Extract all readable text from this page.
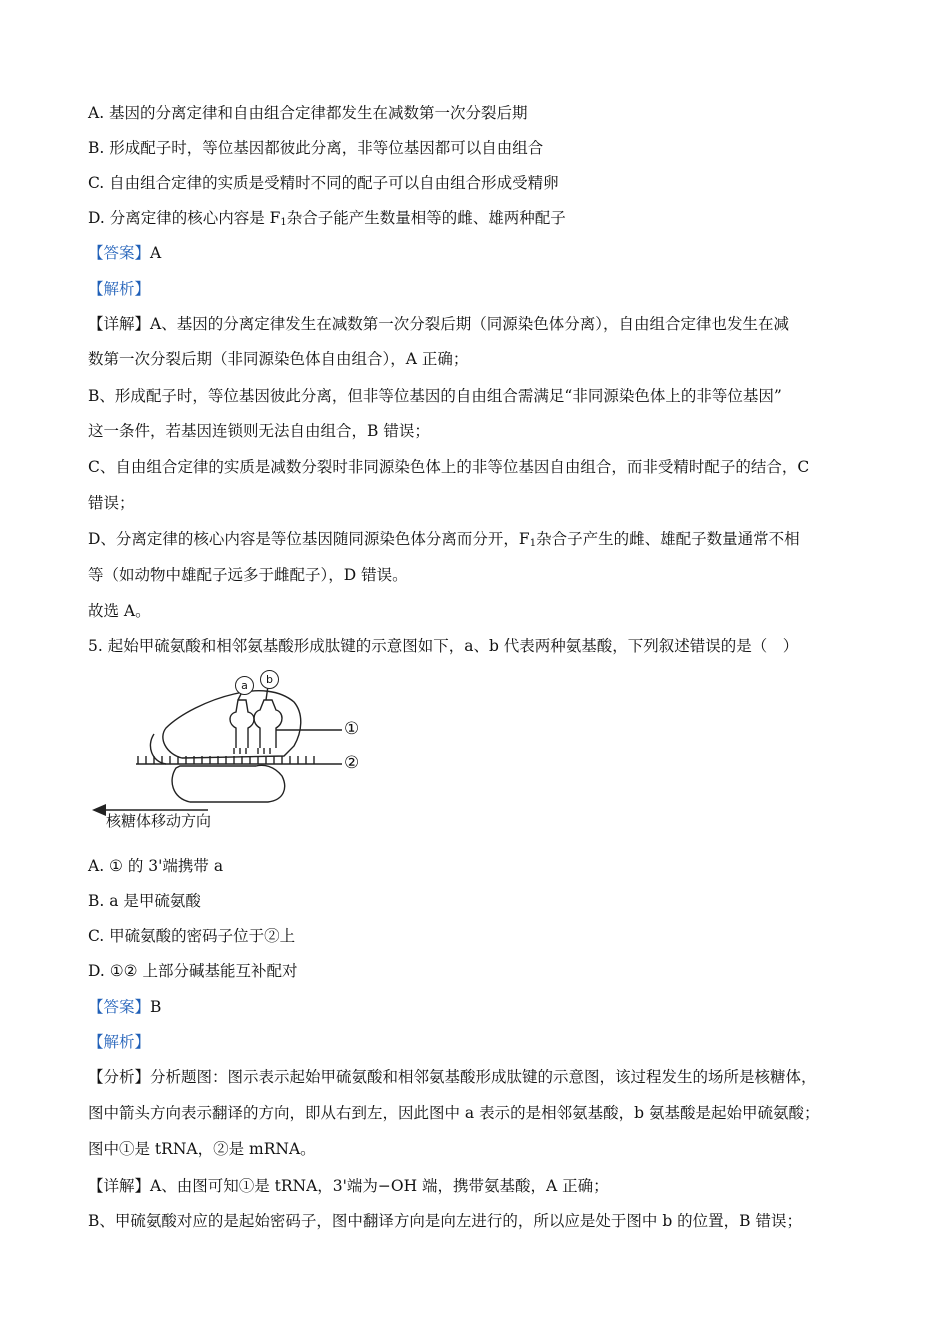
A. 基因的分离定律和自由组合定律都发生在减数第一次分裂后期
B. 形成配子时，等位基因都彼此分离，非等位基因都可以自由组合
C. 自由组合定律的实质是受精时不同的配子可以自由组合形成受精卵
D. 分离定律的核心内容是 $F_1$杂合子能产生数量相等的雌、雄两种配子
【答案】A
【解析】
【详解】A、基因的分离定律发生在减数第一次分裂后期（同源染色体分离），自由组合定律也发生在减
数第一次分裂后期（非同源染色体自由组合），A 正确；
B、形成配子时，等位基因彼此分离，但非等位基因的自由组合需满足“非同源染色体上的非等位基因”
这一条件，若基因连锁则无法自由组合，B 错误；
C、自由组合定律的实质是减数分裂时非同源染色体上的非等位基因自由组合，而非受精时配子的结合，C
错误；
D、分离定律的核心内容是等位基因随同源染色体分离而分开，$F_1$杂合子产生的雌、雄配子数量通常不相
等（如动物中雄配子远多于雌配子），D 错误。
故选 A。
5. 起始甲硫氨酸和相邻氨基酸形成肽键的示意图如下，a、b 代表两种氨基酸，下列叙述错误的是（　）
a	b
①
②
核糖体移动方向
A. ① 的 3'端携带 a
B. a 是甲硫氨酸
C. 甲硫氨酸的密码子位于②上
D. ①② 上部分碱基能互补配对
【答案】B
【解析】
【分析】分析题图：图示表示起始甲硫氨酸和相邻氨基酸形成肽键的示意图，该过程发生的场所是核糖体，
图中箭头方向表示翻译的方向，即从右到左，因此图中 a 表示的是相邻氨基酸，b 氨基酸是起始甲硫氨酸；
图中①是 tRNA，②是 mRNA。
【详解】A、由图可知①是 tRNA，3'端为−OH 端，携带氨基酸，A 正确；
B、甲硫氨酸对应的是起始密码子，图中翻译方向是向左进行的，所以应是处于图中 b 的位置，B 错误；
